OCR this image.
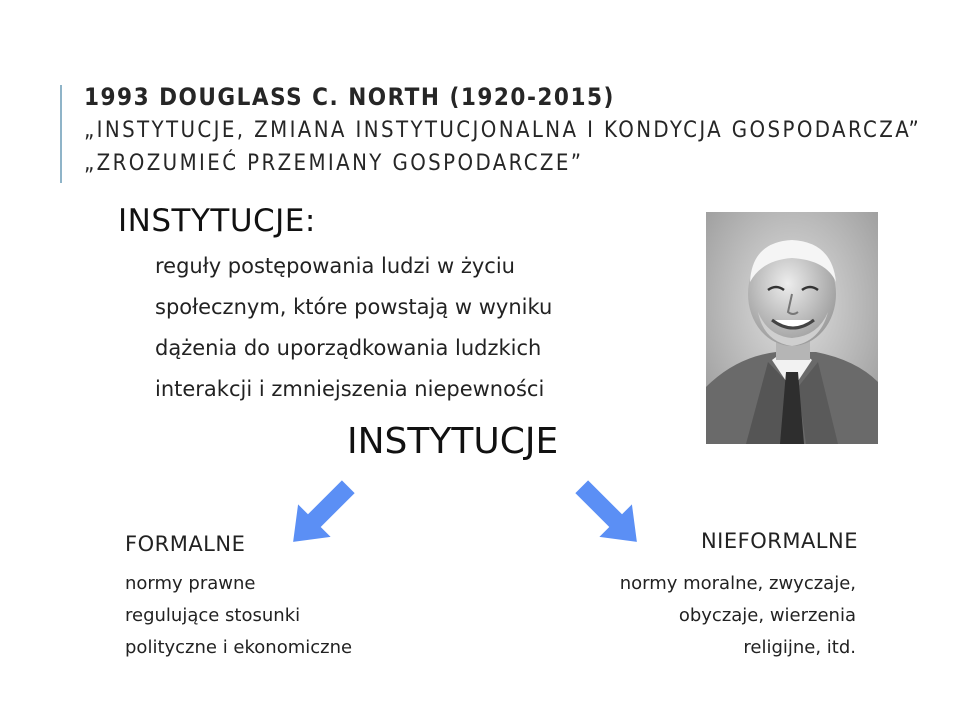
1993 DOUGLASS C. NORTH (1920-2015)
„INSTYTUCJE, ZMIANA INSTYTUCJONALNA I KONDYCJA GOSPODARCZA”
„ZROZUMIEĆ PRZEMIANY GOSPODARCZE”
INSTYTUCJE:
reguły postępowania ludzi w życiu
społecznym, które powstają w wyniku
dążenia do uporządkowania ludzkich
interakcji i zmniejszenia niepewności
INSTYTUCJE
FORMALNE
normy prawne
regulujące stosunki
polityczne i ekonomiczne
NIEFORMALNE
normy moralne, zwyczaje,
obyczaje, wierzenia
religijne, itd.
